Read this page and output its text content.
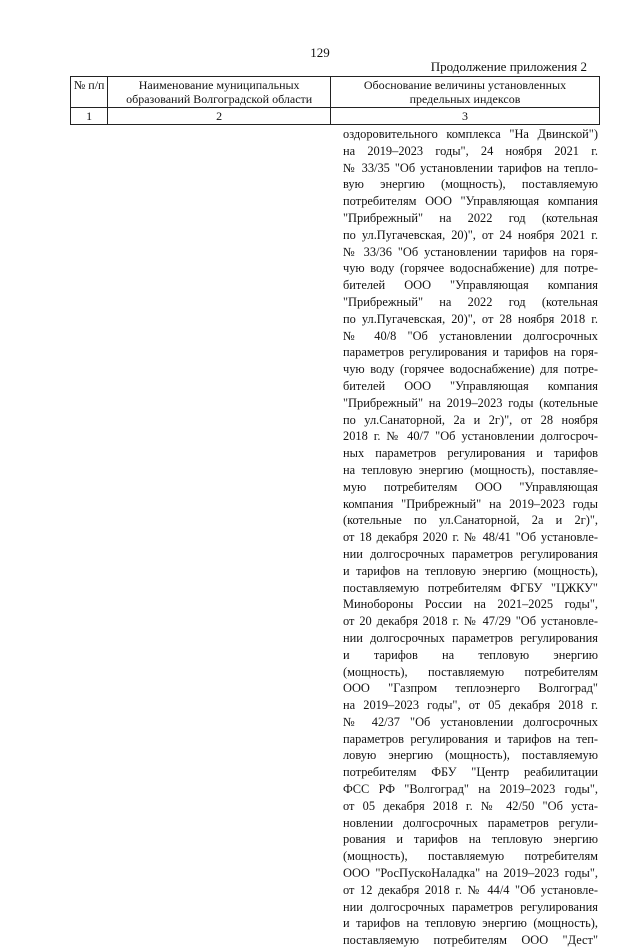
129
Продолжение приложения 2
№ п/п	Наименование муниципальных образований Волгоградской области	Обоснование величины установленных предельных индексов
1	2	3
оздоровительного комплекса "На Двинской")
на 2019–2023 годы", 24 ноября 2021 г.
№ 33/35 "Об установлении тарифов на тепло-
вую энергию (мощность), поставляемую
потребителям ООО "Управляющая компания
"Прибрежный" на 2022 год (котельная
по ул.Пугачевская, 20)", от 24 ноября 2021 г.
№ 33/36 "Об установлении тарифов на горя-
чую воду (горячее водоснабжение) для потре-
бителей ООО "Управляющая компания
"Прибрежный" на 2022 год (котельная
по ул.Пугачевская, 20)", от 28 ноября 2018 г.
№ 40/8 "Об установлении долгосрочных
параметров регулирования и тарифов на горя-
чую воду (горячее водоснабжение) для потре-
бителей ООО "Управляющая компания
"Прибрежный" на 2019–2023 годы (котельные
по ул.Санаторной, 2а и 2г)", от 28 ноября
2018 г. № 40/7 "Об установлении долгосроч-
ных параметров регулирования и тарифов
на тепловую энергию (мощность), поставляе-
мую потребителям ООО "Управляющая
компания "Прибрежный" на 2019–2023 годы
(котельные по ул.Санаторной, 2а и 2г)",
от 18 декабря 2020 г. № 48/41 "Об установле-
нии долгосрочных параметров регулирования
и тарифов на тепловую энергию (мощность),
поставляемую потребителям ФГБУ "ЦЖКУ"
Минобороны России на 2021–2025 годы",
от 20 декабря 2018 г. № 47/29 "Об установле-
нии долгосрочных параметров регулирования
и тарифов на тепловую энергию
(мощность), поставляемую потребителям
ООО "Газпром теплоэнерго Волгоград"
на 2019–2023 годы", от 05 декабря 2018 г.
№ 42/37 "Об установлении долгосрочных
параметров регулирования и тарифов на теп-
ловую энергию (мощность), поставляемую
потребителям ФБУ "Центр реабилитации
ФСС РФ "Волгоград" на 2019–2023 годы",
от 05 декабря 2018 г. № 42/50 "Об уста-
новлении долгосрочных параметров регули-
рования и тарифов на тепловую энергию
(мощность), поставляемую потребителям
ООО "РосПускоНаладка" на 2019–2023 годы",
от 12 декабря 2018 г. № 44/4 "Об установле-
нии долгосрочных параметров регулирования
и тарифов на тепловую энергию (мощность),
поставляемую потребителям ООО "Дест"
